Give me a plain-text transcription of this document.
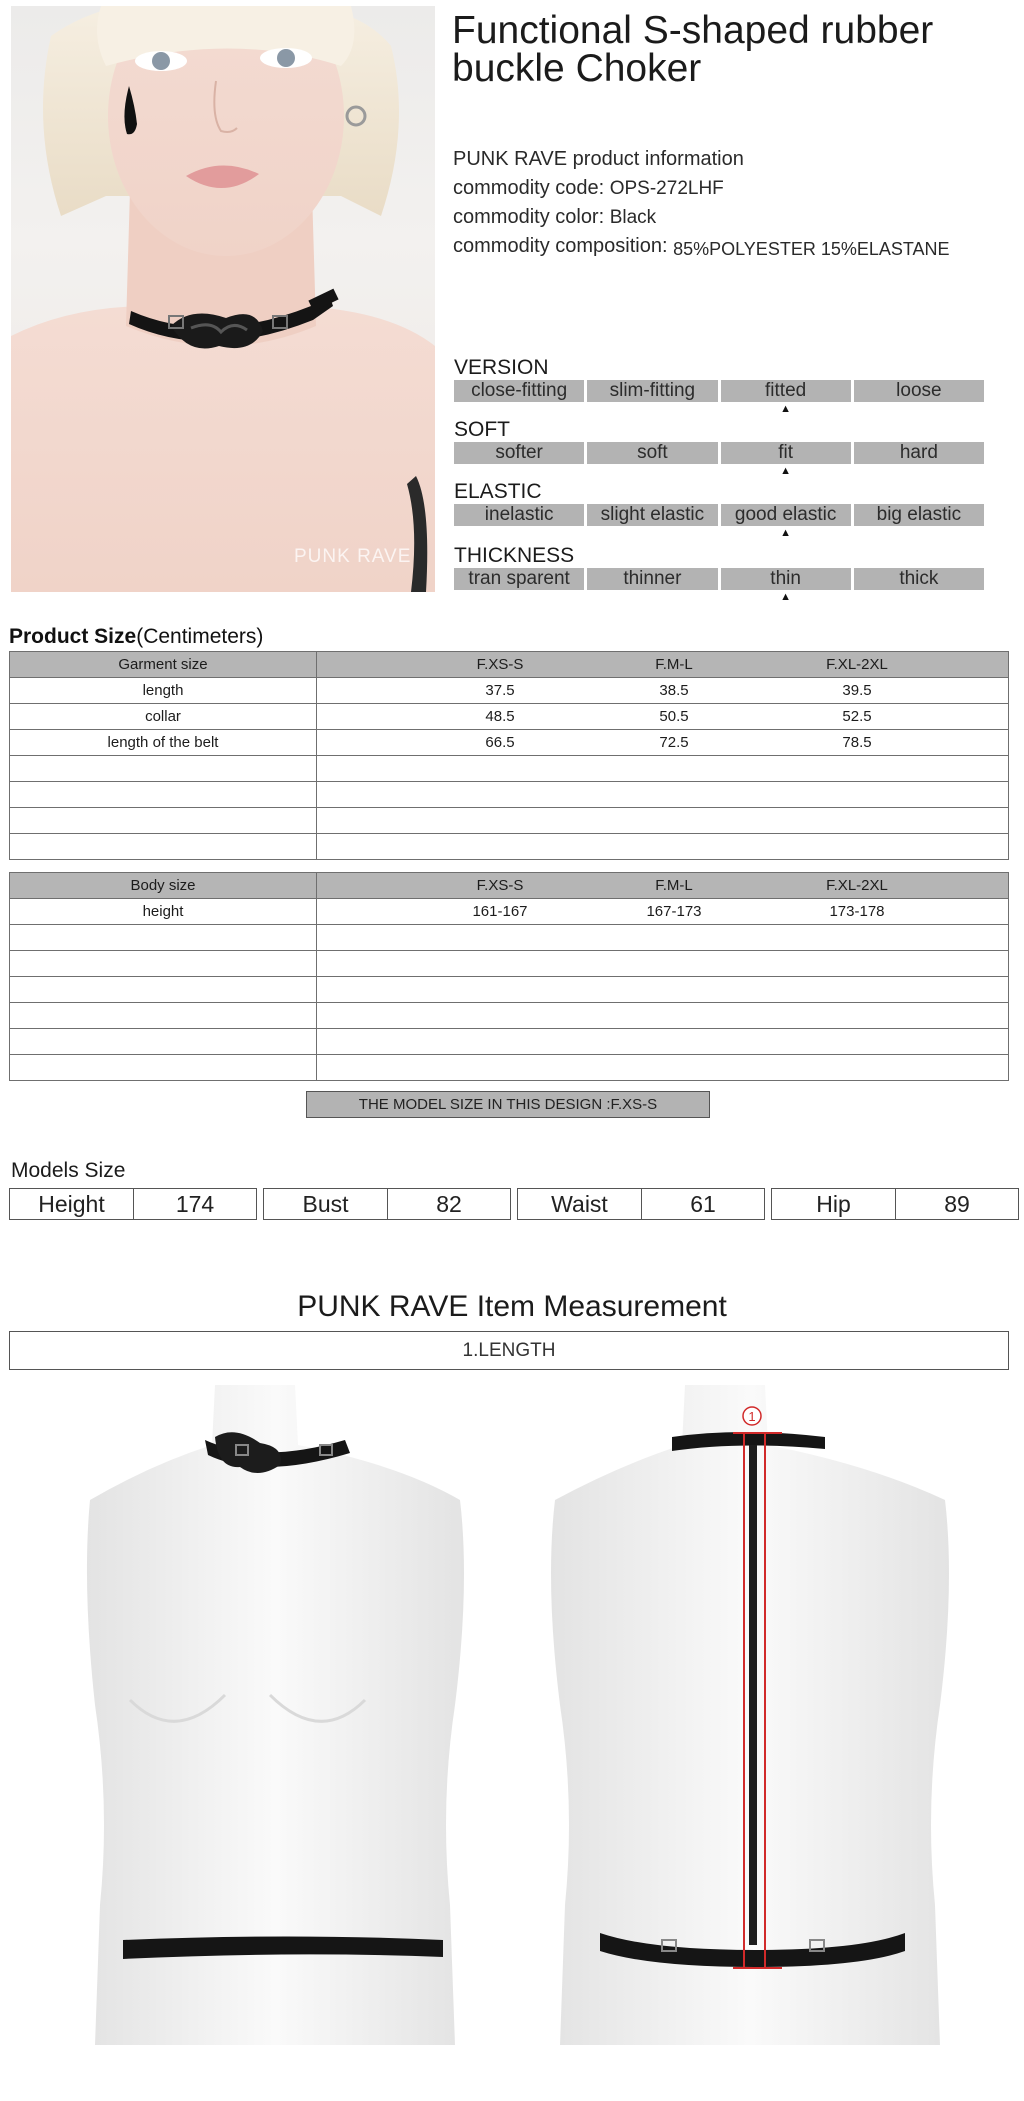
PUNK RAVE
Functional S-shaped rubber buckle Choker
PUNK RAVE product information
commodity code: OPS-272LHF
commodity color: Black
commodity composition: 85%POLYESTER 15%ELASTANE
VERSION
close-fitting	slim-fitting	fitted	loose
▲
SOFT
softer	soft	fit	hard
▲
ELASTIC
inelastic	slight elastic	good elastic	big elastic
▲
THICKNESS
tran sparent	thinner	thin	thick
▲
Product Size(Centimeters)
Garment size	F.XS-S F.M-L F.XL-2XL

length	37.5 38.5 39.5

collar	48.5 50.5 52.5

length of the belt	66.5 72.5 78.5

Body size	F.XS-S F.M-L F.XL-2XL

height	161-167 167-173 173-178

THE MODEL SIZE IN THIS DESIGN :F.XS-S
Models Size
Height	174	Bust	82	Waist	61	Hip	89
PUNK RAVE Item Measurement
1.LENGTH
1
